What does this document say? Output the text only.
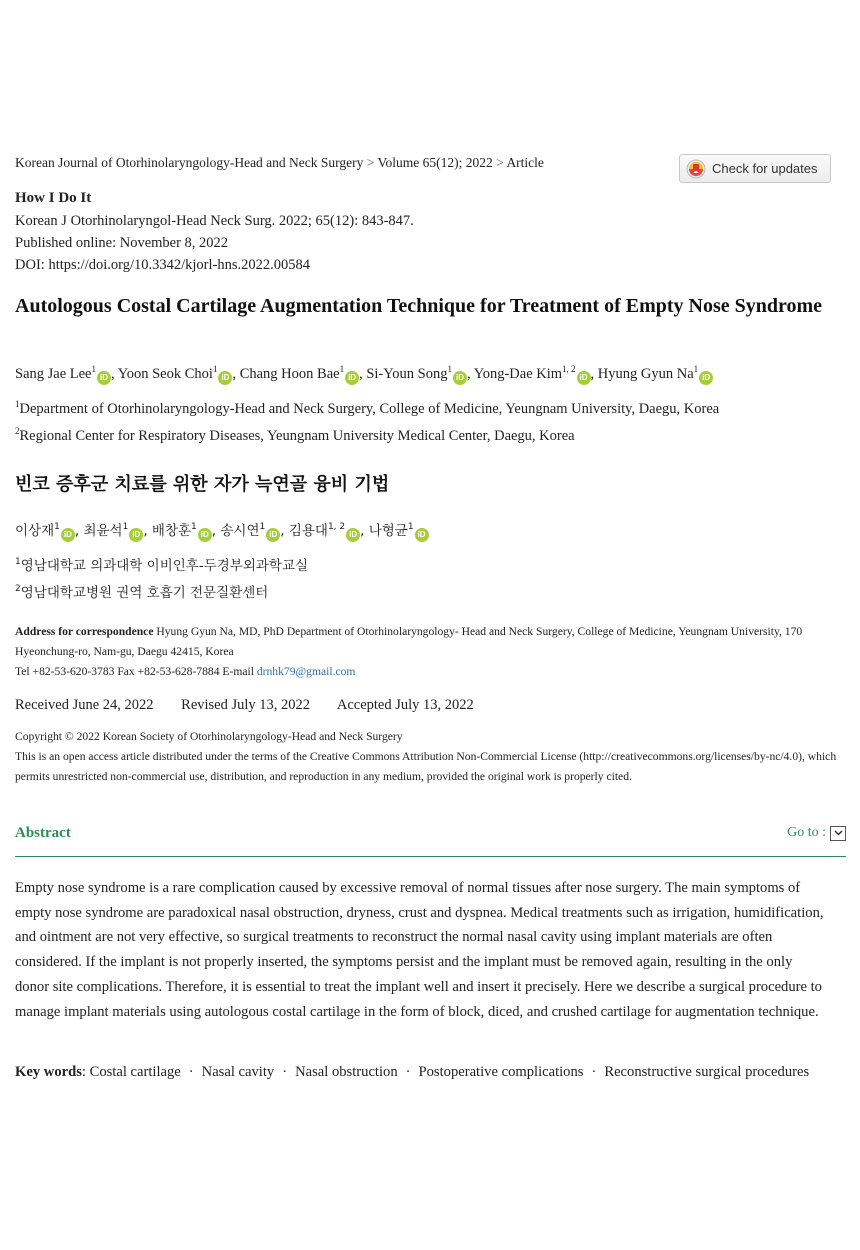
Korean Journal of Otorhinolaryngology-Head and Neck Surgery > Volume 65(12); 2022 > Article	Check for updates
How I Do It
Korean J Otorhinolaryngol-Head Neck Surg. 2022; 65(12): 843-847.
Published online: November 8, 2022
DOI: https://doi.org/10.3342/kjorl-hns.2022.00584
Autologous Costal Cartilage Augmentation Technique for Treatment of Empty Nose Syndrome
Sang Jae Lee$^1$iD , Yoon Seok Choi$^1$iD , Chang Hoon Bae$^1$iD , Si-Youn Song$^1$iD , Yong-Dae Kim$^{1, 2}$iD , Hyung Gyun Na$^1$iD
$^1$Department of Otorhinolaryngology-Head and Neck Surgery, College of Medicine, Yeungnam University, Daegu, Korea
$^2$Regional Center for Respiratory Diseases, Yeungnam University Medical Center, Daegu, Korea
빈코 증후군 치료를 위한 자가 늑연골 융비 기법
이상재$^1$iD , 최윤석$^1$iD , 배창훈$^1$iD , 송시연$^1$iD , 김용대$^{1, 2}$iD , 나형균$^1$iD
$^1$영남대학교 의과대학 이비인후-두경부외과학교실
$^2$영남대학교병원 권역 호흡기 전문질환센터
Address for correspondence Hyung Gyun Na, MD, PhD Department of Otorhinolaryngology- Head and Neck Surgery, College of Medicine, Yeungnam University, 170 Hyeonchung-ro, Nam-gu, Daegu 42415, Korea
Tel +82-53-620-3783 Fax +82-53-628-7884 E-mail drnhk79@gmail.com
Received June 24, 2022 Revised July 13, 2022 Accepted July 13, 2022
Copyright © 2022 Korean Society of Otorhinolaryngology-Head and Neck Surgery
This is an open access article distributed under the terms of the Creative Commons Attribution Non-Commercial License (http://creativecommons.org/licenses/by-nc/4.0), which permits unrestricted non-commercial use, distribution, and reproduction in any medium, provided the original work is properly cited.
Abstract	Go to :
Empty nose syndrome is a rare complication caused by excessive removal of normal tissues after nose surgery. The main symptoms of empty nose syndrome are paradoxical nasal obstruction, dryness, crust and dyspnea. Medical treatments such as irrigation, humidification, and ointment are not very effective, so surgical treatments to reconstruct the normal nasal cavity using implant materials are often considered. If the implant is not properly inserted, the symptoms persist and the implant must be removed again, resulting in the only donor site complications. Therefore, it is essential to treat the implant well and insert it precisely. Here we describe a surgical procedure to manage implant materials using autologous costal cartilage in the form of block, diced, and crushed cartilage for augmentation technique.
Key words: Costal cartilage · Nasal cavity · Nasal obstruction · Postoperative complications · Reconstructive surgical procedures
